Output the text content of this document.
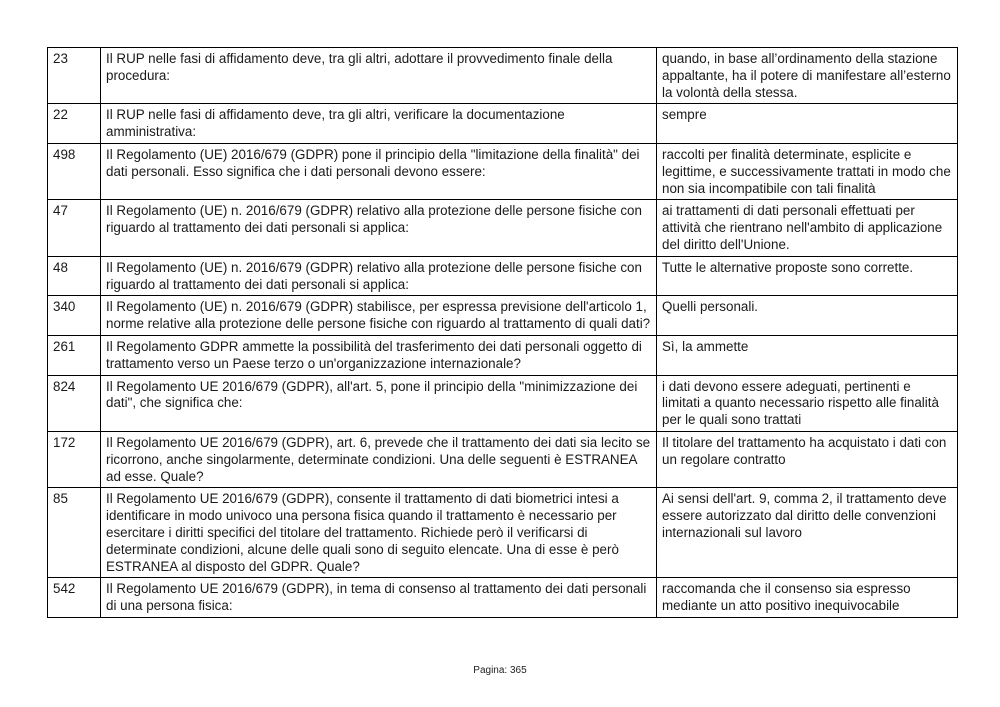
23	Il RUP nelle fasi di affidamento deve, tra gli altri, adottare il provvedimento finale della procedura:	quando, in base all’ordinamento della stazione appaltante, ha il potere di manifestare all’esterno la volontà della stessa.
22	Il RUP nelle fasi di affidamento deve, tra gli altri, verificare la documentazione amministrativa:	sempre
498	Il Regolamento (UE) 2016/679 (GDPR) pone il principio della "limitazione della finalità" dei dati personali. Esso significa che i dati personali devono essere:	raccolti per finalità determinate, esplicite e legittime, e successivamente trattati in modo che non sia incompatibile con tali finalità
47	Il Regolamento (UE) n. 2016/679 (GDPR) relativo alla protezione delle persone fisiche con riguardo al trattamento dei dati personali si applica:	ai trattamenti di dati personali effettuati per attività che rientrano nell'ambito di applicazione del diritto dell'Unione.
48	Il Regolamento (UE) n. 2016/679 (GDPR) relativo alla protezione delle persone fisiche con riguardo al trattamento dei dati personali si applica:	Tutte le alternative proposte sono corrette.
340	Il Regolamento (UE) n. 2016/679 (GDPR) stabilisce, per espressa previsione dell'articolo 1, norme relative alla protezione delle persone fisiche con riguardo al trattamento di quali dati?	Quelli personali.
261	Il Regolamento GDPR ammette la possibilità del trasferimento dei dati personali oggetto di trattamento verso un Paese terzo o un'organizzazione internazionale?	Sì, la ammette
824	Il Regolamento UE 2016/679 (GDPR), all'art. 5, pone il principio della "minimizzazione dei dati", che significa che:	i dati devono essere adeguati, pertinenti e limitati a quanto necessario rispetto alle finalità per le quali sono trattati
172	Il Regolamento UE 2016/679 (GDPR), art. 6, prevede che il trattamento dei dati sia lecito se ricorrono, anche singolarmente, determinate condizioni. Una delle seguenti è ESTRANEA ad esse. Quale?	Il titolare del trattamento ha acquistato i dati con un regolare contratto
85	Il Regolamento UE 2016/679 (GDPR), consente il trattamento di dati biometrici intesi a identificare in modo univoco una persona fisica quando il trattamento è necessario per esercitare i diritti specifici del titolare del trattamento. Richiede però il verificarsi di determinate condizioni, alcune delle quali sono di seguito elencate. Una di esse è però ESTRANEA al disposto del GDPR. Quale?	Ai sensi dell'art. 9, comma 2, il trattamento deve essere autorizzato dal diritto delle convenzioni internazionali sul lavoro
542	Il Regolamento UE 2016/679 (GDPR), in tema di consenso al trattamento dei dati personali di una persona fisica:	raccomanda che il consenso sia espresso mediante un atto positivo inequivocabile
Pagina: 365
